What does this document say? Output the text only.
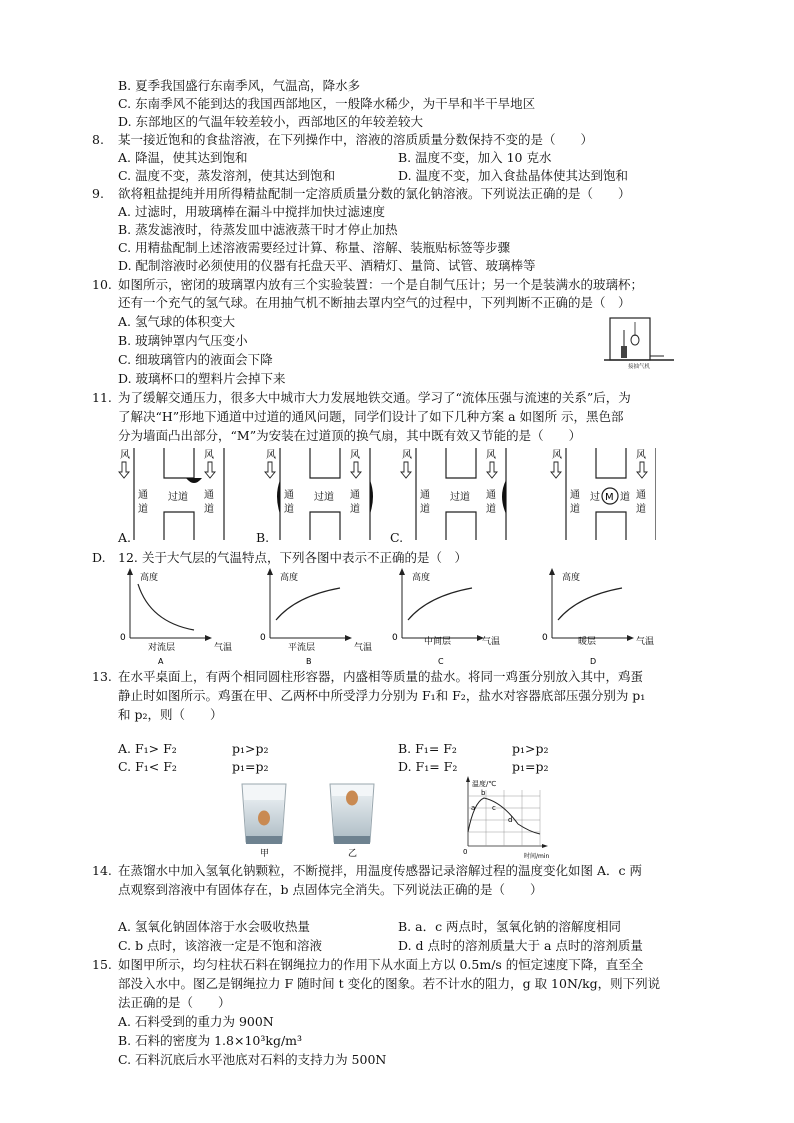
B. 夏季我国盛行东南季风，气温高，降水多
C. 东南季风不能到达的我国西部地区，一般降水稀少，为干旱和半干旱地区
D. 东部地区的气温年较差较小，西部地区的年较差较大
8. 某一接近饱和的食盐溶液，在下列操作中，溶液的溶质质量分数保持不变的是（　　）
A. 降温，使其达到饱和	B. 温度不变，加入 10 克水
C. 温度不变，蒸发溶剂，使其达到饱和	D. 温度不变，加入食盐晶体使其达到饱和
9. 欲将粗盐提纯并用所得精盐配制一定溶质质量分数的氯化钠溶液。下列说法正确的是（　　）
A. 过滤时，用玻璃棒在漏斗中搅拌加快过滤速度
B. 蒸发滤液时，待蒸发皿中滤液蒸干时才停止加热
C. 用精盐配制上述溶液需要经过计算、称量、溶解、装瓶贴标签等步骤
D. 配制溶液时必须使用的仪器有托盘天平、酒精灯、量筒、试管、玻璃棒等
10. 如图所示，密闭的玻璃罩内放有三个实验装置：一个是自制气压计；另一个是装满水的玻璃杯；
还有一个充气的氢气球。在用抽气机不断抽去罩内空气的过程中，下列判断不正确的是（　）
A. 氢气球的体积变大
B. 玻璃钟罩内气压变小
C. 细玻璃管内的液面会下降
D. 玻璃杯口的塑料片会掉下来
接抽气机
11. 为了缓解交通压力，很多大中城市大力发展地铁交通。学习了“流体压强与流速的关系”后，为
了解决“H”形地下通道中过道的通风问题，同学们设计了如下几种方案 a 如图所 示，黑色部
分为墙面凸出部分，“M”为安装在过道顶的换气扇，其中既有效又节能的是（　　）
风	风
通
道
通
道
过道
风	风
通
道
通
道
过道
风	风
通
道
通
道
过道	M
风	风
通
道
通
道
过 道
A.	B.	C.
D. 12. 关于大气层的气温特点，下列各图中表示不正确的是（　）
高度
0
对流层	气温
A
高度
0
平流层	气温
B
高度
0	中间层	气温
C
高度
0	暖层	气温
D
13. 在水平桌面上，有两个相同圆柱形容器，内盛相等质量的盐水。将同一鸡蛋分别放入其中，鸡蛋
静止时如图所示。鸡蛋在甲、乙两杯中所受浮力分别为 F₁和 F₂，盐水对容器底部压强分别为 p₁
和 p₂，则（　　）
A. F₁> F₂	p₁>p₂	B. F₁= F₂	p₁>p₂
C. F₁< F₂	p₁=p₂	D. F₁= F₂	p₁=p₂
甲	乙
温度/℃
时间/min
0
a
b
c
d
14. 在蒸馏水中加入氢氧化钠颗粒，不断搅拌，用温度传感器记录溶解过程的温度变化如图 A．c 两
点观察到溶液中有固体存在，b 点固体完全消失。下列说法正确的是（　　）
A. 氢氧化钠固体溶于水会吸收热量	B. a．c 两点时，氢氧化钠的溶解度相同
C. b 点时，该溶液一定是不饱和溶液	D. d 点时的溶剂质量大于 a 点时的溶剂质量
15. 如图甲所示，均匀柱状石料在钢绳拉力的作用下从水面上方以 0.5m/s 的恒定速度下降，直至全
部没入水中。图乙是钢绳拉力 F 随时间 t 变化的图象。若不计水的阻力，g 取 10N/kg，则下列说
法正确的是（　　）
A. 石料受到的重力为 900N
B. 石料的密度为 1.8×10³kg/m³
C. 石料沉底后水平池底对石料的支持力为 500N
